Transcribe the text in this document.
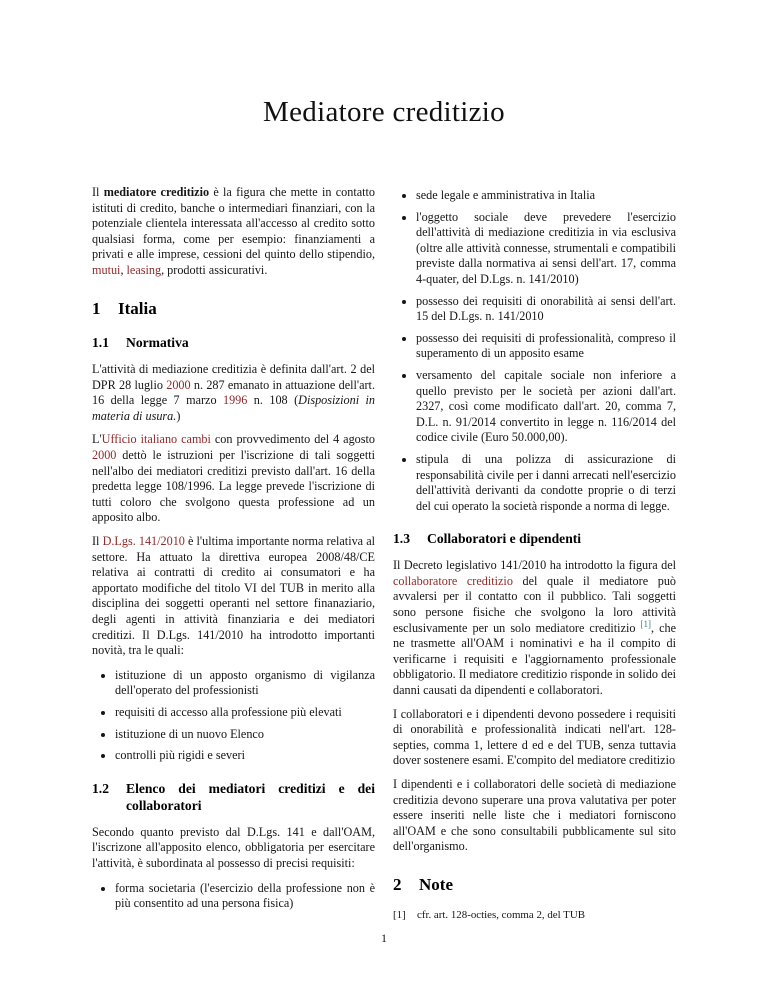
Mediatore creditizio

Il mediatore creditizio è la figura che mette in contatto istituti di credito, banche o intermediari finanziari, con la potenziale clientela interessata all'accesso al credito sotto qualsiasi forma, come per esempio: finanziamenti a privati e alle imprese, cessioni del quinto dello stipendio, mutui, leasing, prodotti assicurativi.

1	Italia
1.1	Normativa

L'attività di mediazione creditizia è definita dall'art. 2 del DPR 28 luglio 2000 n. 287 emanato in attuazione dell'art. 16 della legge 7 marzo 1996 n. 108 (Disposizioni in materia di usura.)

L'Ufficio italiano cambi con provvedimento del 4 agosto 2000 dettò le istruzioni per l'iscrizione di tali soggetti nell'albo dei mediatori creditizi previsto dall'art. 16 della predetta legge 108/1996. La legge prevede l'iscrizione di tutti coloro che svolgono questa professione ad un apposito albo.

Il D.Lgs. 141/2010 è l'ultima importante norma relativa al settore. Ha attuato la direttiva europea 2008/48/CE relativa ai contratti di credito ai consumatori e ha apportato modifiche del titolo VI del TUB in merito alla disciplina dei soggetti operanti nel settore finanaziario, degli agenti in attività finanziaria e dei mediatori creditizi. Il D.Lgs. 141/2010 ha introdotto importanti novità, tra le quali:

• istituzione di un apposto organismo di vigilanza dell'operato del professionisti
• requisiti di accesso alla professione più elevati
• istituzione di un nuovo Elenco
• controlli più rigidi e severi
1.2	Elenco dei mediatori creditizi e dei collaboratori

Secondo quanto previsto dal D.Lgs. 141 e dall'OAM, l'iscrizone all'apposito elenco, obbligatoria per esercitare l'attività, è subordinata al possesso di precisi requisiti:

• forma societaria (l'esercizio della professione non è più consentito ad una persona fisica)
• sede legale e amministrativa in Italia
• l'oggetto sociale deve prevedere l'esercizio dell'attività di mediazione creditizia in via esclusiva (oltre alle attività connesse, strumentali e compatibili previste dalla normativa ai sensi dell'art. 17, comma 4-quater, del D.Lgs. n. 141/2010)
• possesso dei requisiti di onorabilità ai sensi dell'art. 15 del D.Lgs. n. 141/2010
• possesso dei requisiti di professionalità, compreso il superamento di un apposito esame
• versamento del capitale sociale non inferiore a quello previsto per le società per azioni dall'art. 2327, così come modificato dall'art. 20, comma 7, D.L. n. 91/2014 convertito in legge n. 116/2014 del codice civile (Euro 50.000,00).
• stipula di una polizza di assicurazione di responsabilità civile per i danni arrecati nell'esercizio dell'attività derivanti da condotte proprie o di terzi del cui operato la società risponde a norma di legge.
1.3	Collaboratori e dipendenti

Il Decreto legislativo 141/2010 ha introdotto la figura del collaboratore creditizio del quale il mediatore può avvalersi per il contatto con il pubblico. Tali soggetti sono persone fisiche che svolgono la loro attività esclusivamente per un solo mediatore creditizio [1], che ne trasmette all'OAM i nominativi e ha il compito di verificarne i requisiti e l'aggiornamento professionale obbligatorio. Il mediatore creditizio risponde in solido dei danni causati da dipendenti e collaboratori.

I collaboratori e i dipendenti devono possedere i requisiti di onorabilità e professionalità indicati nell'art. 128-septies, comma 1, lettere d ed e del TUB, senza tuttavia dover sostenere esami. E'compito del mediatore creditizio

I dipendenti e i collaboratori delle società di mediazione creditizia devono superare una prova valutativa per poter essere inseriti nelle liste che i mediatori forniscono all'OAM e che sono consultabili pubblicamente sul sito dell'organismo.

2	Note
[1]	cfr. art. 128-octies, comma 2, del TUB
1
